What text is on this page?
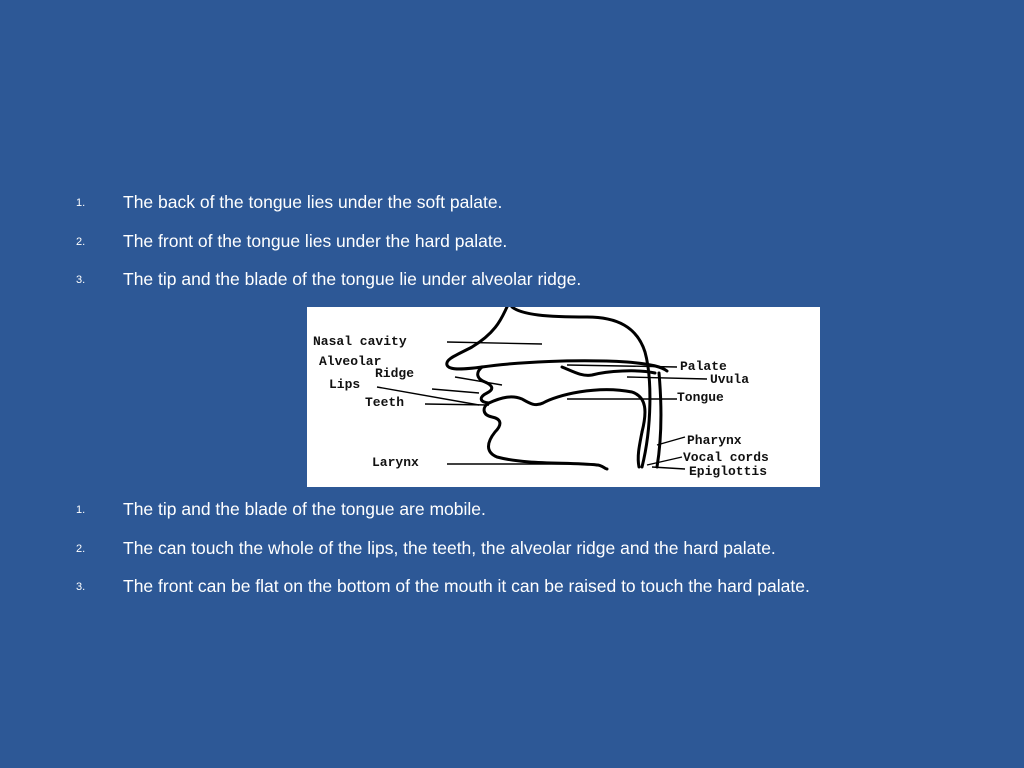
1. The back of the tongue lies under the soft palate.
2. The front of the tongue lies under the hard palate.
3. The tip and the blade of the tongue lie under alveolar ridge.
Nasal cavity
Alveolar
Ridge
Lips
Teeth
Larynx
Palate
Uvula
Tongue
Pharynx
Vocal cords
Epiglottis
1. The tip and the blade of the tongue are mobile.
2. The can touch the whole of the lips, the teeth, the alveolar ridge and the hard palate.
3. The front can be flat on the bottom of the mouth it can be raised to touch the hard palate.
